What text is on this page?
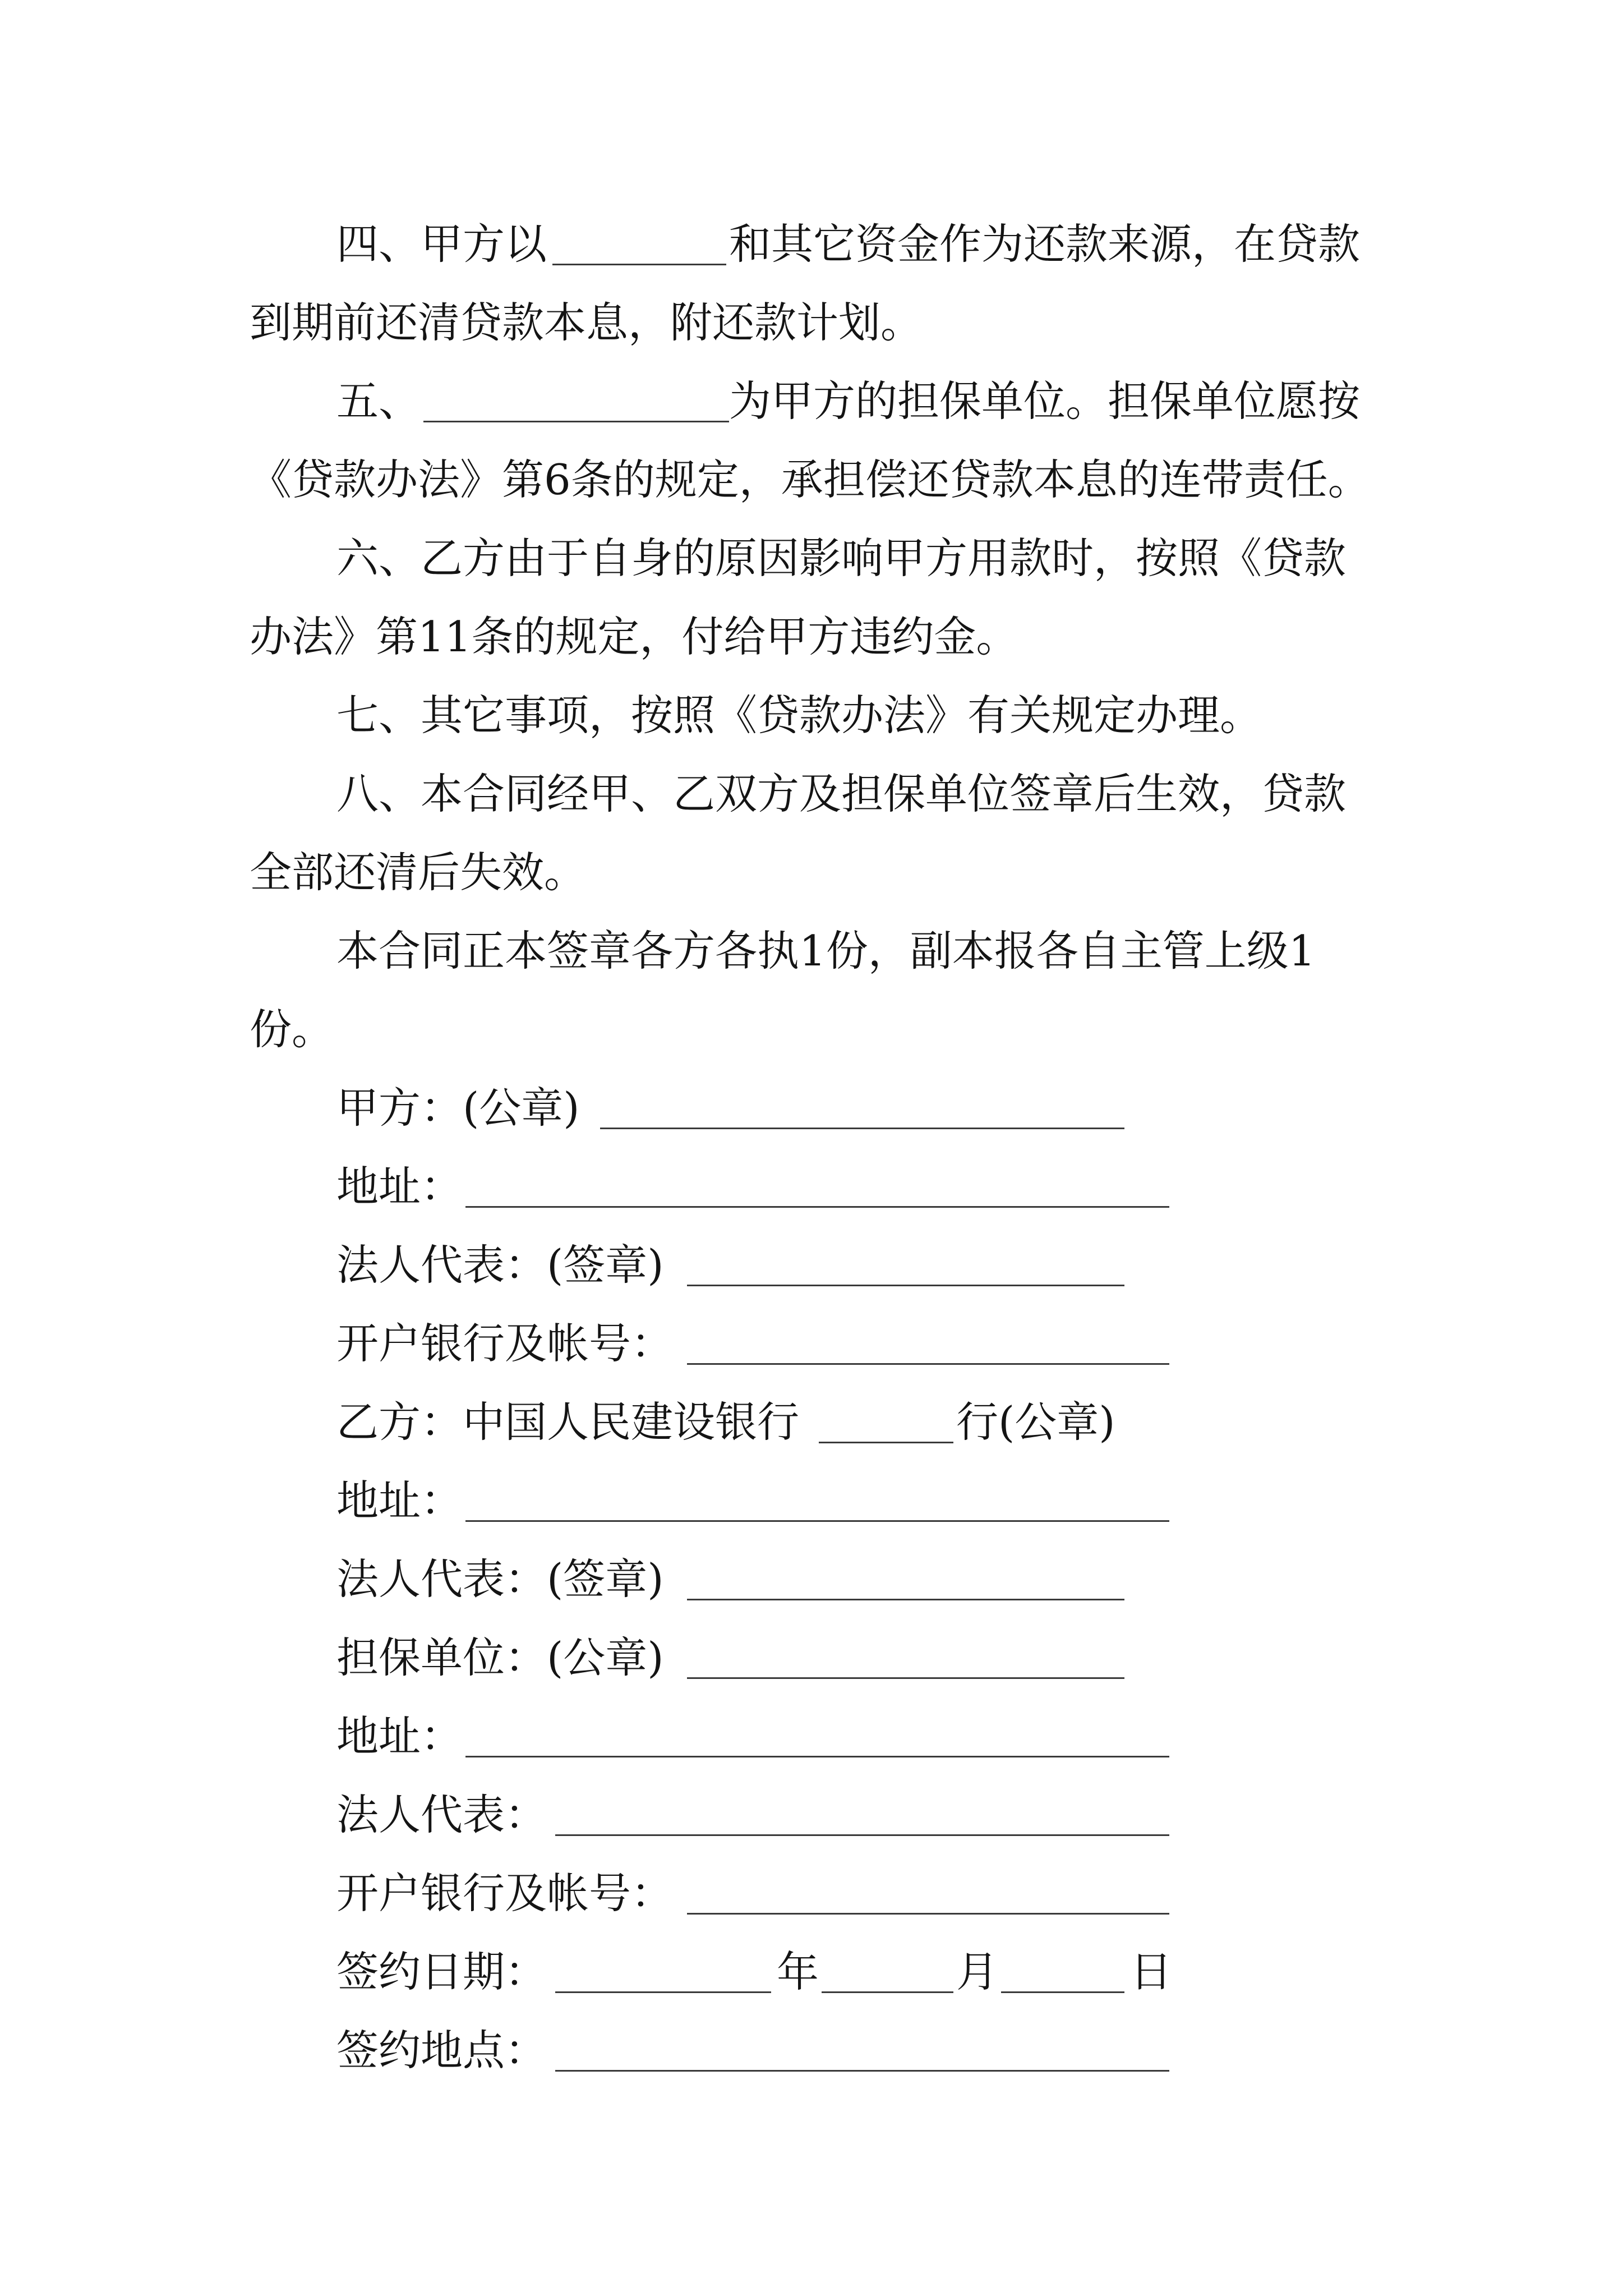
四、甲方以	和其它资金作为还款来源，在贷款
到期前还清贷款本息，附还款计划。
五、	为甲方的担保单位。担保单位愿按
《贷款办法》第6条的规定，承担偿还贷款本息的连带责任。
六、乙方由于自身的原因影响甲方用款时，按照《贷款
办法》第11条的规定，付给甲方违约金。
七、其它事项，按照《贷款办法》有关规定办理。
八、本合同经甲、乙双方及担保单位签章后生效，贷款
全部还清后失效。
本合同正本签章各方各执1份，副本报各自主管上级1
份。
甲方：(公章)
地址：
法人代表：(签章)
开户银行及帐号：
乙方：中国人民建设银行	行(公章)
地址：
法人代表：(签章)
担保单位：(公章)
地址：
法人代表：
开户银行及帐号：
签约日期：	年	月	日
签约地点：
